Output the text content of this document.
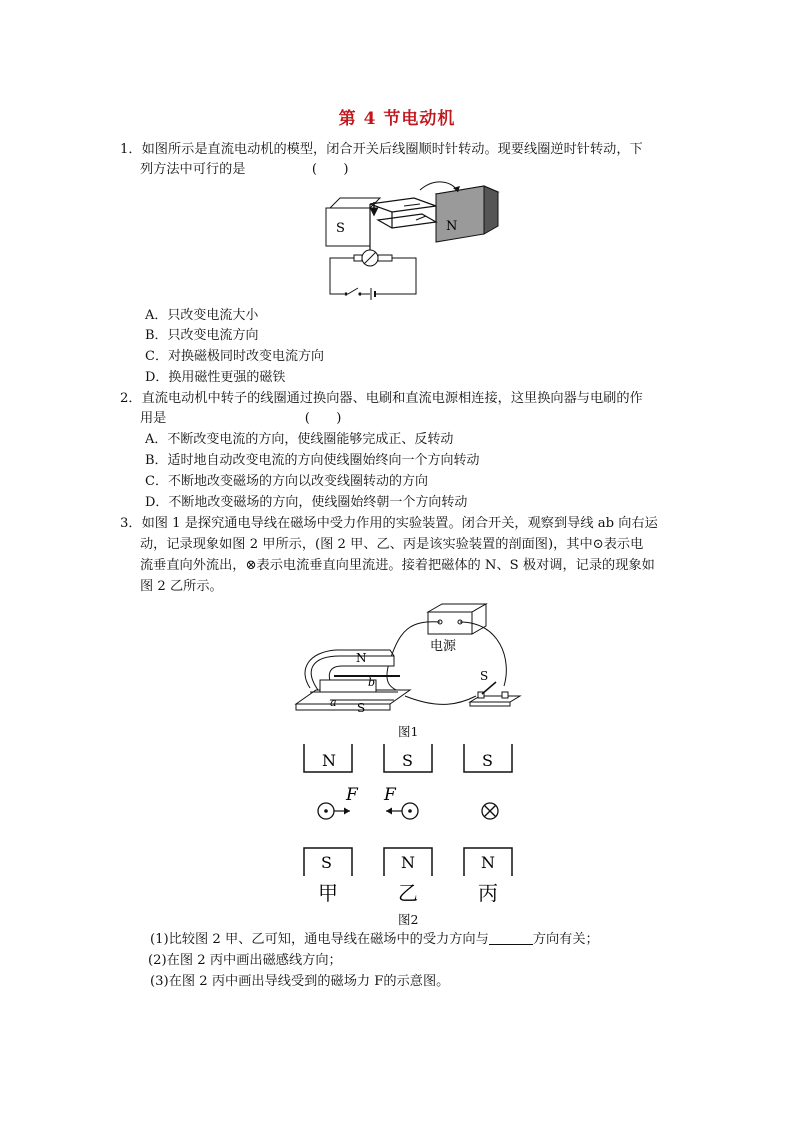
第 4 节电动机
1．如图所示是直流电动机的模型，闭合开关后线圈顺时针转动。现要线圈逆时针转动，下
列方法中可行的是	(　　)
S	N
A．只改变电流大小
B．只改变电流方向
C．对换磁极同时改变电流方向
D．换用磁性更强的磁铁
2．直流电动机中转子的线圈通过换向器、电刷和直流电源相连接，这里换向器与电刷的作
用是	(　　)
A．不断改变电流的方向，使线圈能够完成正、反转动
B．适时地自动改变电流的方向使线圈始终向一个方向转动
C．不断地改变磁场的方向以改变线圈转动的方向
D．不断地改变磁场的方向，使线圈始终朝一个方向转动
3．如图 1 是探究通电导线在磁场中受力作用的实验装置。闭合开关，观察到导线 ab 向右运
动，记录现象如图 2 甲所示，(图 2 甲、乙、丙是该实验装置的剖面图)，其中⊙表示电
流垂直向外流出，⊗表示电流垂直向里流进。接着把磁体的 N、S 极对调，记录的现象如
图 2 乙所示。
电源
N
S
a
b	S
图1
N	S	S
F F
S	N	N
甲	乙	丙
图2
(1)比较图 2 甲、乙可知，通电导线在磁场中的受力方向与	方向有关；
(2)在图 2 丙中画出磁感线方向；
(3)在图 2 丙中画出导线受到的磁场力 F的示意图。
